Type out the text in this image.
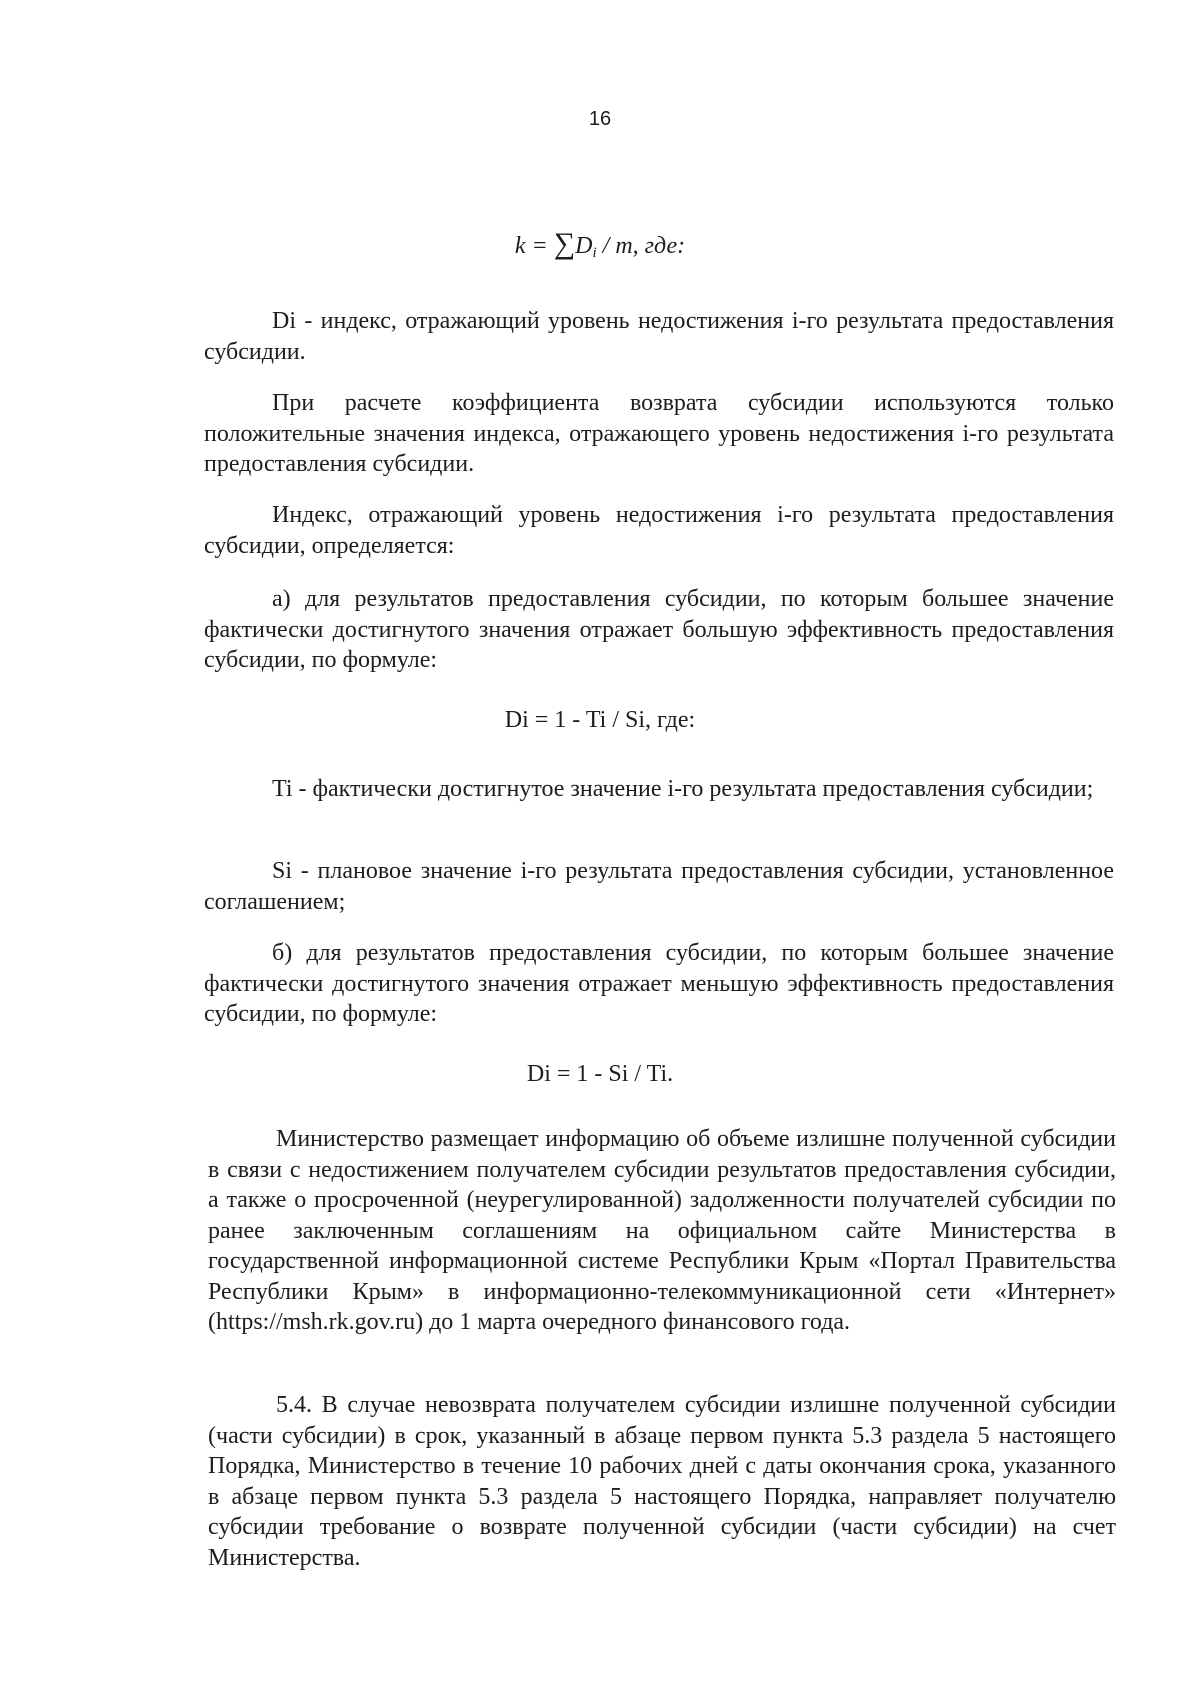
16
$k = \sum D_i / m$, где:
Di - индекс, отражающий уровень недостижения i-го результата предоставления субсидии.
При расчете коэффициента возврата субсидии используются только положительные значения индекса, отражающего уровень недостижения i-го результата предоставления субсидии.
Индекс, отражающий уровень недостижения i-го результата предоставления субсидии, определяется:
а) для результатов предоставления субсидии, по которым большее значение фактически достигнутого значения отражает большую эффективность предоставления субсидии, по формуле:
Di = 1 - Ti / Si, где:
Ti - фактически достигнутое значение i-го результата предоставления субсидии;
Si - плановое значение i-го результата предоставления субсидии, установленное соглашением;
б) для результатов предоставления субсидии, по которым большее значение фактически достигнутого значения отражает меньшую эффективность предоставления субсидии, по формуле:
Di = 1 - Si / Ti.
Министерство размещает информацию об объеме излишне полученной субсидии в связи с недостижением получателем субсидии результатов предоставления субсидии, а также о просроченной (неурегулированной) задолженности получателей субсидии по ранее заключенным соглашениям на официальном сайте Министерства в государственной информационной системе Республики Крым «Портал Правительства Республики Крым» в информационно-телекоммуникационной сети «Интернет» (https://msh.rk.gov.ru) до 1 марта очередного финансового года.
5.4. В случае невозврата получателем субсидии излишне полученной субсидии (части субсидии) в срок, указанный в абзаце первом пункта 5.3 раздела 5 настоящего Порядка, Министерство в течение 10 рабочих дней с даты окончания срока, указанного в абзаце первом пункта 5.3 раздела 5 настоящего Порядка, направляет получателю субсидии требование о возврате полученной субсидии (части субсидии) на счет Министерства.
